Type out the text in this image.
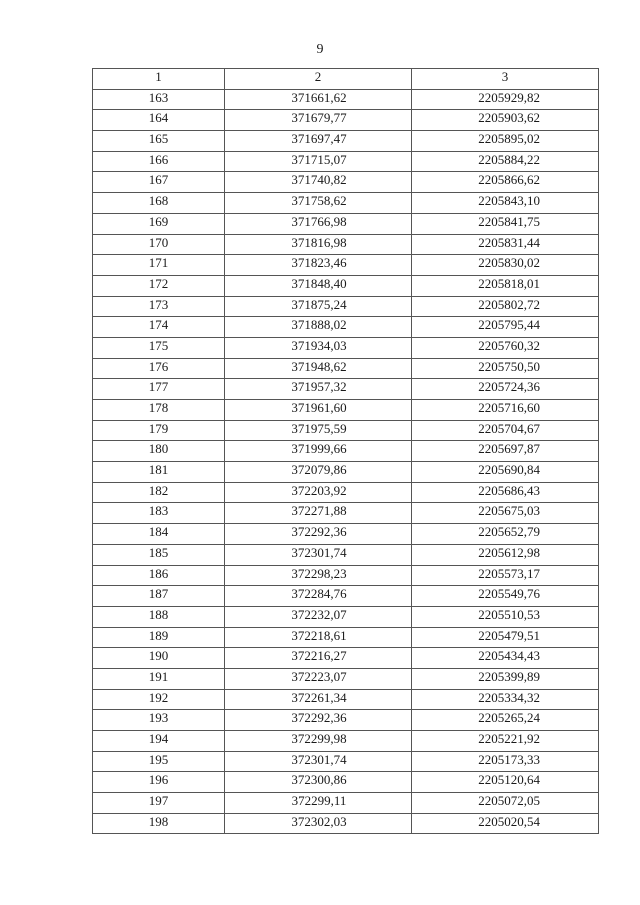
9
1	2	3
163	371661,62	2205929,82
164	371679,77	2205903,62
165	371697,47	2205895,02
166	371715,07	2205884,22
167	371740,82	2205866,62
168	371758,62	2205843,10
169	371766,98	2205841,75
170	371816,98	2205831,44
171	371823,46	2205830,02
172	371848,40	2205818,01
173	371875,24	2205802,72
174	371888,02	2205795,44
175	371934,03	2205760,32
176	371948,62	2205750,50
177	371957,32	2205724,36
178	371961,60	2205716,60
179	371975,59	2205704,67
180	371999,66	2205697,87
181	372079,86	2205690,84
182	372203,92	2205686,43
183	372271,88	2205675,03
184	372292,36	2205652,79
185	372301,74	2205612,98
186	372298,23	2205573,17
187	372284,76	2205549,76
188	372232,07	2205510,53
189	372218,61	2205479,51
190	372216,27	2205434,43
191	372223,07	2205399,89
192	372261,34	2205334,32
193	372292,36	2205265,24
194	372299,98	2205221,92
195	372301,74	2205173,33
196	372300,86	2205120,64
197	372299,11	2205072,05
198	372302,03	2205020,54
